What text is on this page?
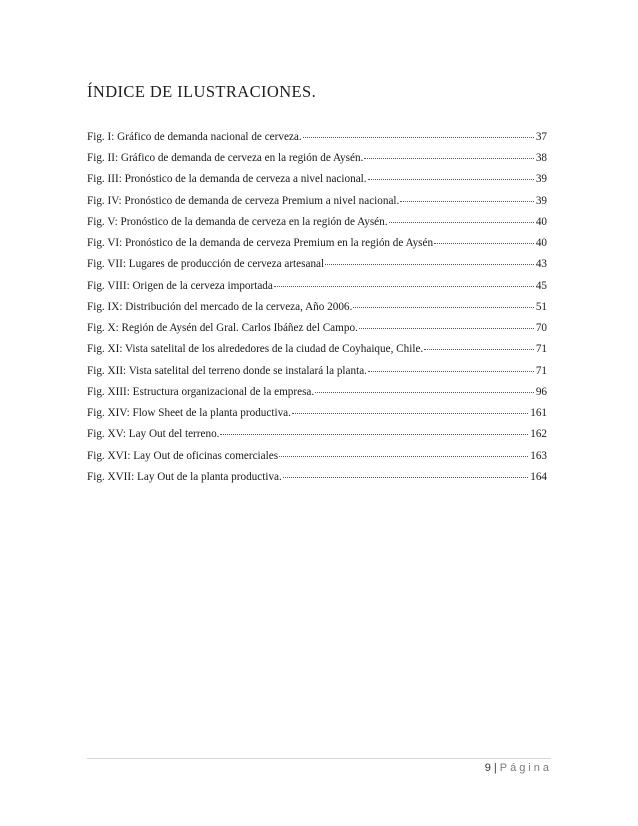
ÍNDICE DE ILUSTRACIONES.
Fig. I: Gráfico de demanda nacional de cerveza.	37
Fig. II: Gráfico de demanda de cerveza en la región de Aysén.	38
Fig. III: Pronóstico de la demanda de cerveza a nivel nacional.	39
Fig. IV: Pronóstico de demanda de cerveza Premium a nivel nacional.	39
Fig. V: Pronóstico de la demanda de cerveza en la región de Aysén.	40
Fig. VI: Pronóstico de la demanda de cerveza Premium en la región de Aysén	40
Fig. VII: Lugares de producción de cerveza artesanal	43
Fig. VIII: Origen de la cerveza importada	45
Fig. IX: Distribución del mercado de la cerveza, Año 2006.	51
Fig. X: Región de Aysén del Gral. Carlos Ibáñez del Campo.	70
Fig. XI: Vista satelital de los alrededores de la ciudad de Coyhaique, Chile.	71
Fig. XII: Vista satelital del terreno donde se instalará la planta.	71
Fig. XIII: Estructura organizacional de la empresa.	96
Fig. XIV: Flow Sheet de la planta productiva.	161
Fig. XV: Lay Out del terreno.	162
Fig. XVI: Lay Out de oficinas comerciales	163
Fig. XVII: Lay Out de la planta productiva.	164
9 | Página
